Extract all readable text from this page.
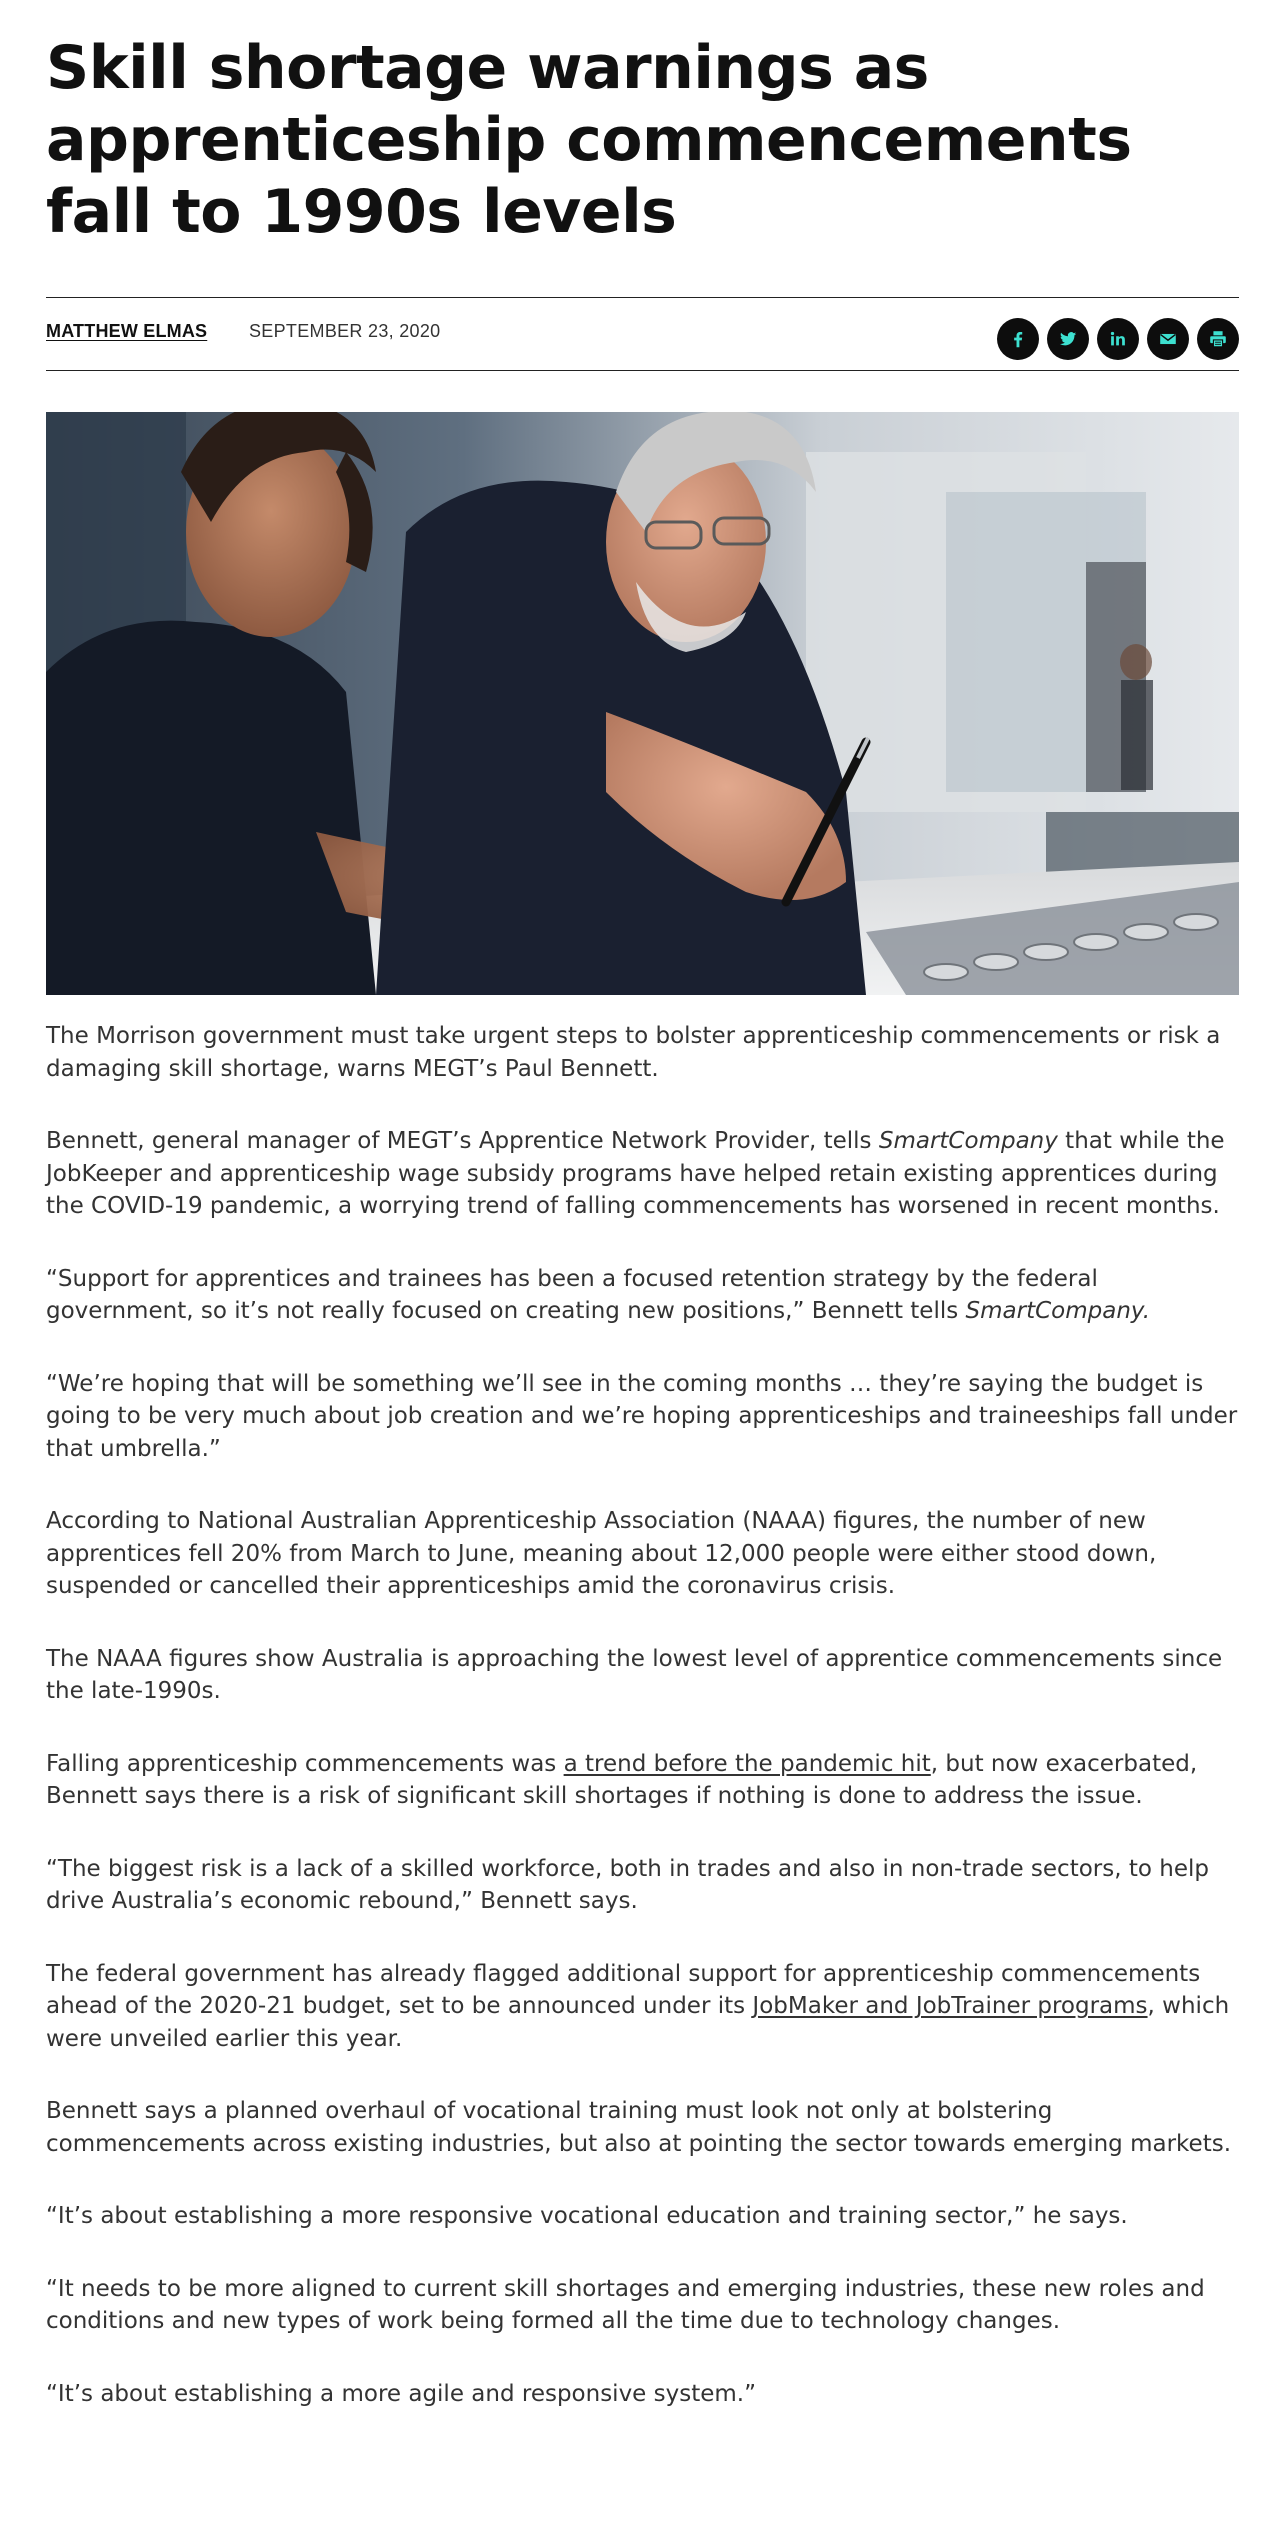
Skill shortage warnings as apprenticeship commencements fall to 1990s levels
MATTHEW ELMAS SEPTEMBER 23, 2020

The Morrison government must take urgent steps to bolster apprenticeship commencements or risk a damaging skill shortage, warns MEGT’s Paul Bennett.

Bennett, general manager of MEGT’s Apprentice Network Provider, tells SmartCompany that while the JobKeeper and apprenticeship wage subsidy programs have helped retain existing apprentices during the COVID-19 pandemic, a worrying trend of falling commencements has worsened in recent months.

“Support for apprentices and trainees has been a focused retention strategy by the federal government, so it’s not really focused on creating new positions,” Bennett tells SmartCompany.

“We’re hoping that will be something we’ll see in the coming months … they’re saying the budget is going to be very much about job creation and we’re hoping apprenticeships and traineeships fall under that umbrella.”

According to National Australian Apprenticeship Association (NAAA) figures, the number of new apprentices fell 20% from March to June, meaning about 12,000 people were either stood down, suspended or cancelled their apprenticeships amid the coronavirus crisis.

The NAAA figures show Australia is approaching the lowest level of apprentice commencements since the late-1990s.

Falling apprenticeship commencements was a trend before the pandemic hit, but now exacerbated, Bennett says there is a risk of significant skill shortages if nothing is done to address the issue.

“The biggest risk is a lack of a skilled workforce, both in trades and also in non-trade sectors, to help drive Australia’s economic rebound,” Bennett says.

The federal government has already flagged additional support for apprenticeship commencements ahead of the 2020-21 budget, set to be announced under its JobMaker and JobTrainer programs, which were unveiled earlier this year.

Bennett says a planned overhaul of vocational training must look not only at bolstering commencements across existing industries, but also at pointing the sector towards emerging markets.

“It’s about establishing a more responsive vocational education and training sector,” he says.

“It needs to be more aligned to current skill shortages and emerging industries, these new roles and conditions and new types of work being formed all the time due to technology changes.

“It’s about establishing a more agile and responsive system.”
